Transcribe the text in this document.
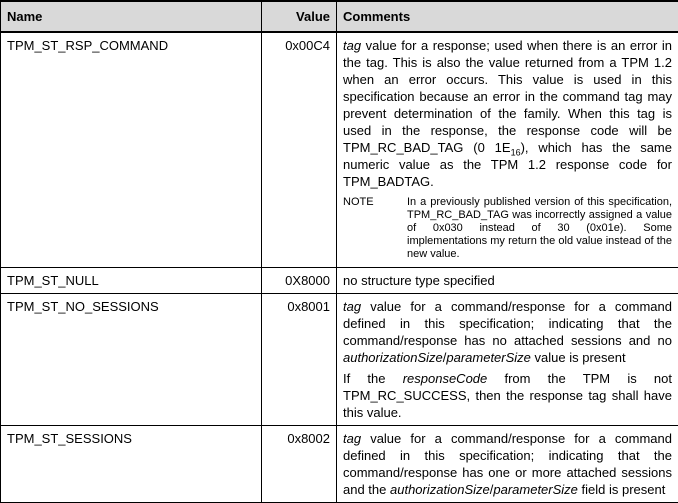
Name	Value	Comments
TPM_ST_RSP_COMMAND	0x00C4	tag value for a response; used when there is an error in the tag. This is also the value returned from a TPM 1.2 when an error occurs. This value is used in this specification because an error in the command tag may prevent determination of the family. When this tag is used in the response, the response code will be TPM_RC_BAD_TAG (0 $1E_{16}$), which has the same numeric value as the TPM 1.2 response code for TPM_BADTAG.

NOTE In a previously published version of this specification, TPM_RC_BAD_TAG was incorrectly assigned a value of 0x030 instead of 30 (0x01e). Some implementations my return the old value instead of the new value.

TPM_ST_NULL	0X8000	no structure type specified

TPM_ST_NO_SESSIONS	0x8001	tag value for a command/response for a command defined in this specification; indicating that the command/response has no attached sessions and no authorizationSize/parameterSize value is present

If the responseCode from the TPM is not TPM_RC_SUCCESS, then the response tag shall have this value.

TPM_ST_SESSIONS	0x8002	tag value for a command/response for a command defined in this specification; indicating that the command/response has one or more attached sessions and the authorizationSize/parameterSize field is present
